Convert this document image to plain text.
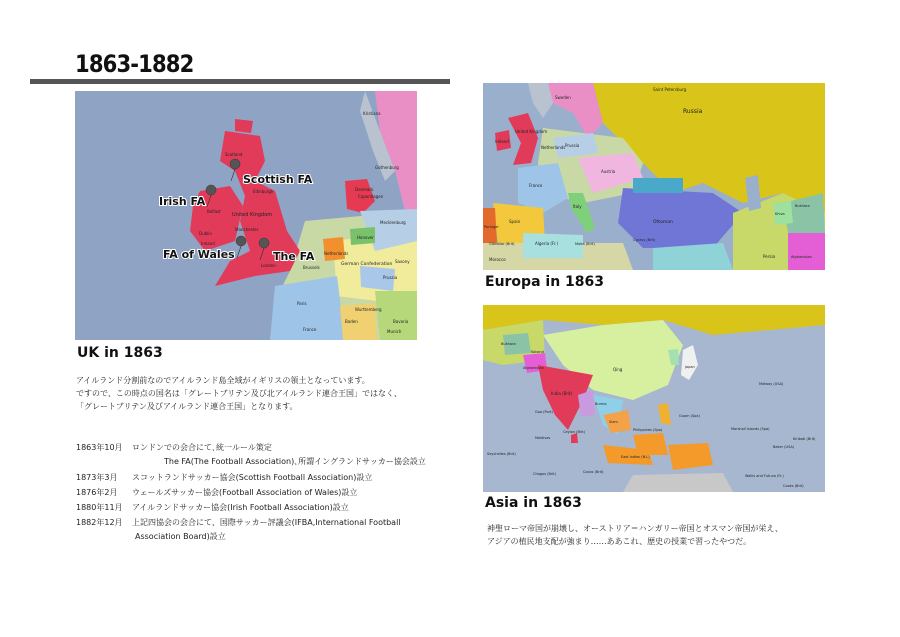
1863-1882
Kristiana
Gothenburg
Scotland
Edinburgh
Belfast
United Kingdom
Dublin
Manchester
Ireland
London
Denmark
Copenhagen
Mecklenburg
Hanover
Netherlands
Prussia
Brussels
German Confederation
Saxony
Paris
Wurttemberg
Baden	Bavaria
France	Munich
Scottish FA
Irish FA
FA of Wales	The FA
UK in 1863
アイルランド分割前なのでアイルランド島全域がイギリスの領土となっています。
ですので、この時点の国名は「グレートブリテン及び北アイルランド連合王国」ではなく、
「グレートブリテン及びアイルランド連合王国」となります。
1863年10月 ロンドンでの会合にて､統一ルール策定
The FA(The Football Association)､所謂イングランドサッカー協会設立
1873年3月 スコットランドサッカー協会(Scottish Football Association)設立
1876年2月 ウェールズサッカー協会(Football Association of Wales)設立
1880年11月 アイルランドサッカー協会(Irish Football Association)設立
1882年12月 上記四協会の会合にて、国際サッカー評議会(IFBA,International Football
Association Board)設立
Sweden
Saint Petersburg
Russia
United Kingdom
Ireland
Netherlands Prussia
France
Austria
Spain
Portugal
Italy
Ottoman
Algeria (Fr.)
Gibraltar (Brit)
Morocco
Malta (Brit)
Cyprus (Brit)
Persia	Afghanistan
Bukhara
Khiva
Europa in 1863
Bukhara
Kokand
Afghanistan	Qing	Japan
India (Brit)
Goa (Port)
Burma
Siam
Ceylon (Brit)
Maldives
Philippines (Spa)
Guam (Spa)
Marshall Islands (Spa)
Midway (USA)
Baker (USA)
Kiribati (Brit)
Cocos (Brit)
East Indies (N.L)
Seychelles (Brit)
Chagos (Brit)	Wallis and Futuna (Fr.)
Cooks (Brit)
Asia in 1863
神聖ローマ帝国が崩壊し、オーストリア＝ハンガリー帝国とオスマン帝国が栄え、
アジアの植民地支配が強まり……ああこれ、歴史の授業で習ったやつだ。
